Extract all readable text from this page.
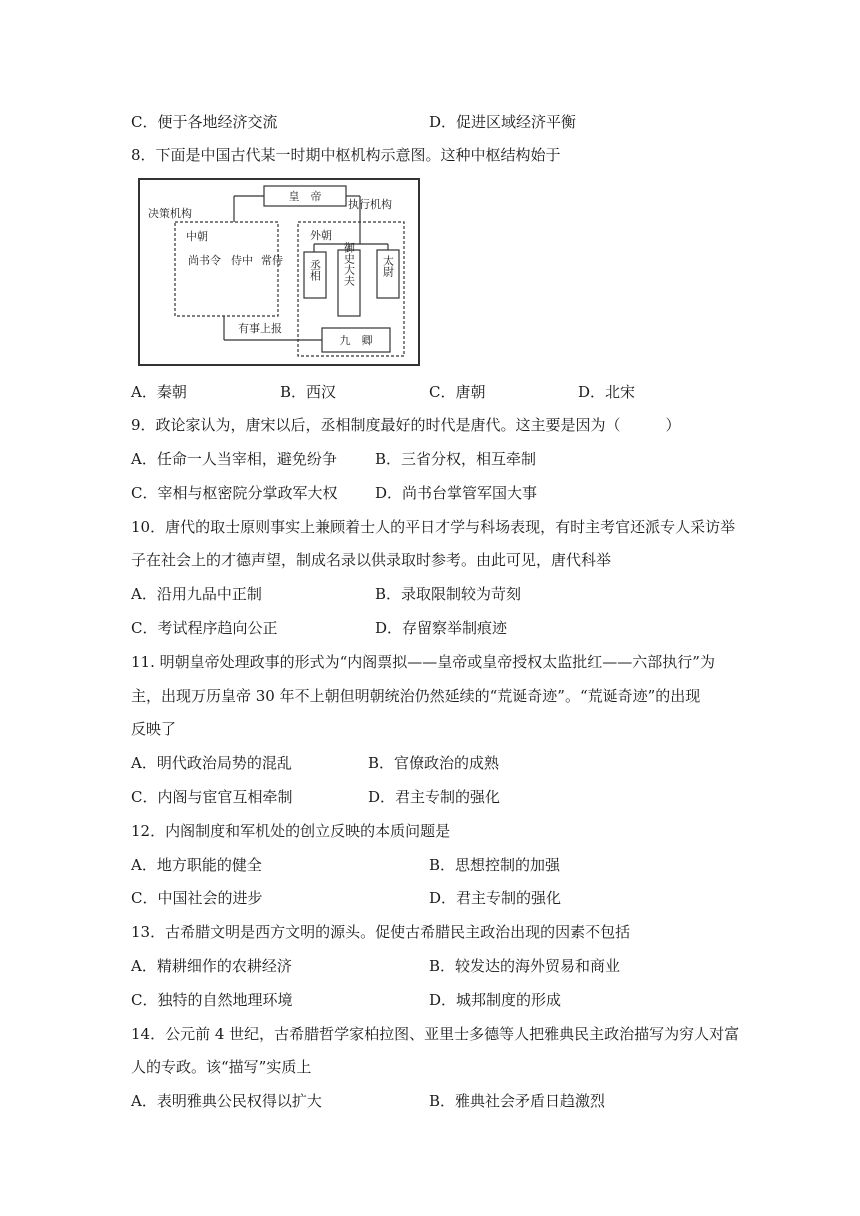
C．便于各地经济交流	D．促进区域经济平衡
8．下面是中国古代某一时期中枢机构示意图。这种中枢结构始于
皇　帝
决策机构
执行机构
中朝
尚书令 侍中 常侍
外朝
丞相 御史大夫 太尉
有事上报
九　卿
A．秦朝	B．西汉	C．唐朝	D．北宋
9．政论家认为，唐宋以后，丞相制度最好的时代是唐代。这主要是因为（　　　）
A．任命一人当宰相，避免纷争	B．三省分权，相互牵制
C．宰相与枢密院分掌政军大权	D．尚书台掌管军国大事
10．唐代的取士原则事实上兼顾着士人的平日才学与科场表现，有时主考官还派专人采访举
子在社会上的才德声望，制成名录以供录取时参考。由此可见，唐代科举
A．沿用九品中正制	B．录取限制较为苛刻
C．考试程序趋向公正	D．存留察举制痕迹
11. 明朝皇帝处理政事的形式为“内阁票拟——皇帝或皇帝授权太监批红——六部执行”为
主，出现万历皇帝 30 年不上朝但明朝统治仍然延续的“荒诞奇迹”。“荒诞奇迹”的出现
反映了
A．明代政治局势的混乱	B．官僚政治的成熟
C．内阁与宦官互相牵制	D．君主专制的强化
12．内阁制度和军机处的创立反映的本质问题是
A．地方职能的健全	B．思想控制的加强
C．中国社会的进步	D．君主专制的强化
13．古希腊文明是西方文明的源头。促使古希腊民主政治出现的因素不包括
A．精耕细作的农耕经济	B．较发达的海外贸易和商业
C．独特的自然地理环境	D．城邦制度的形成
14．公元前 4 世纪，古希腊哲学家柏拉图、亚里士多德等人把雅典民主政治描写为穷人对富
人的专政。该“描写”实质上
A．表明雅典公民权得以扩大	B．雅典社会矛盾日趋激烈
